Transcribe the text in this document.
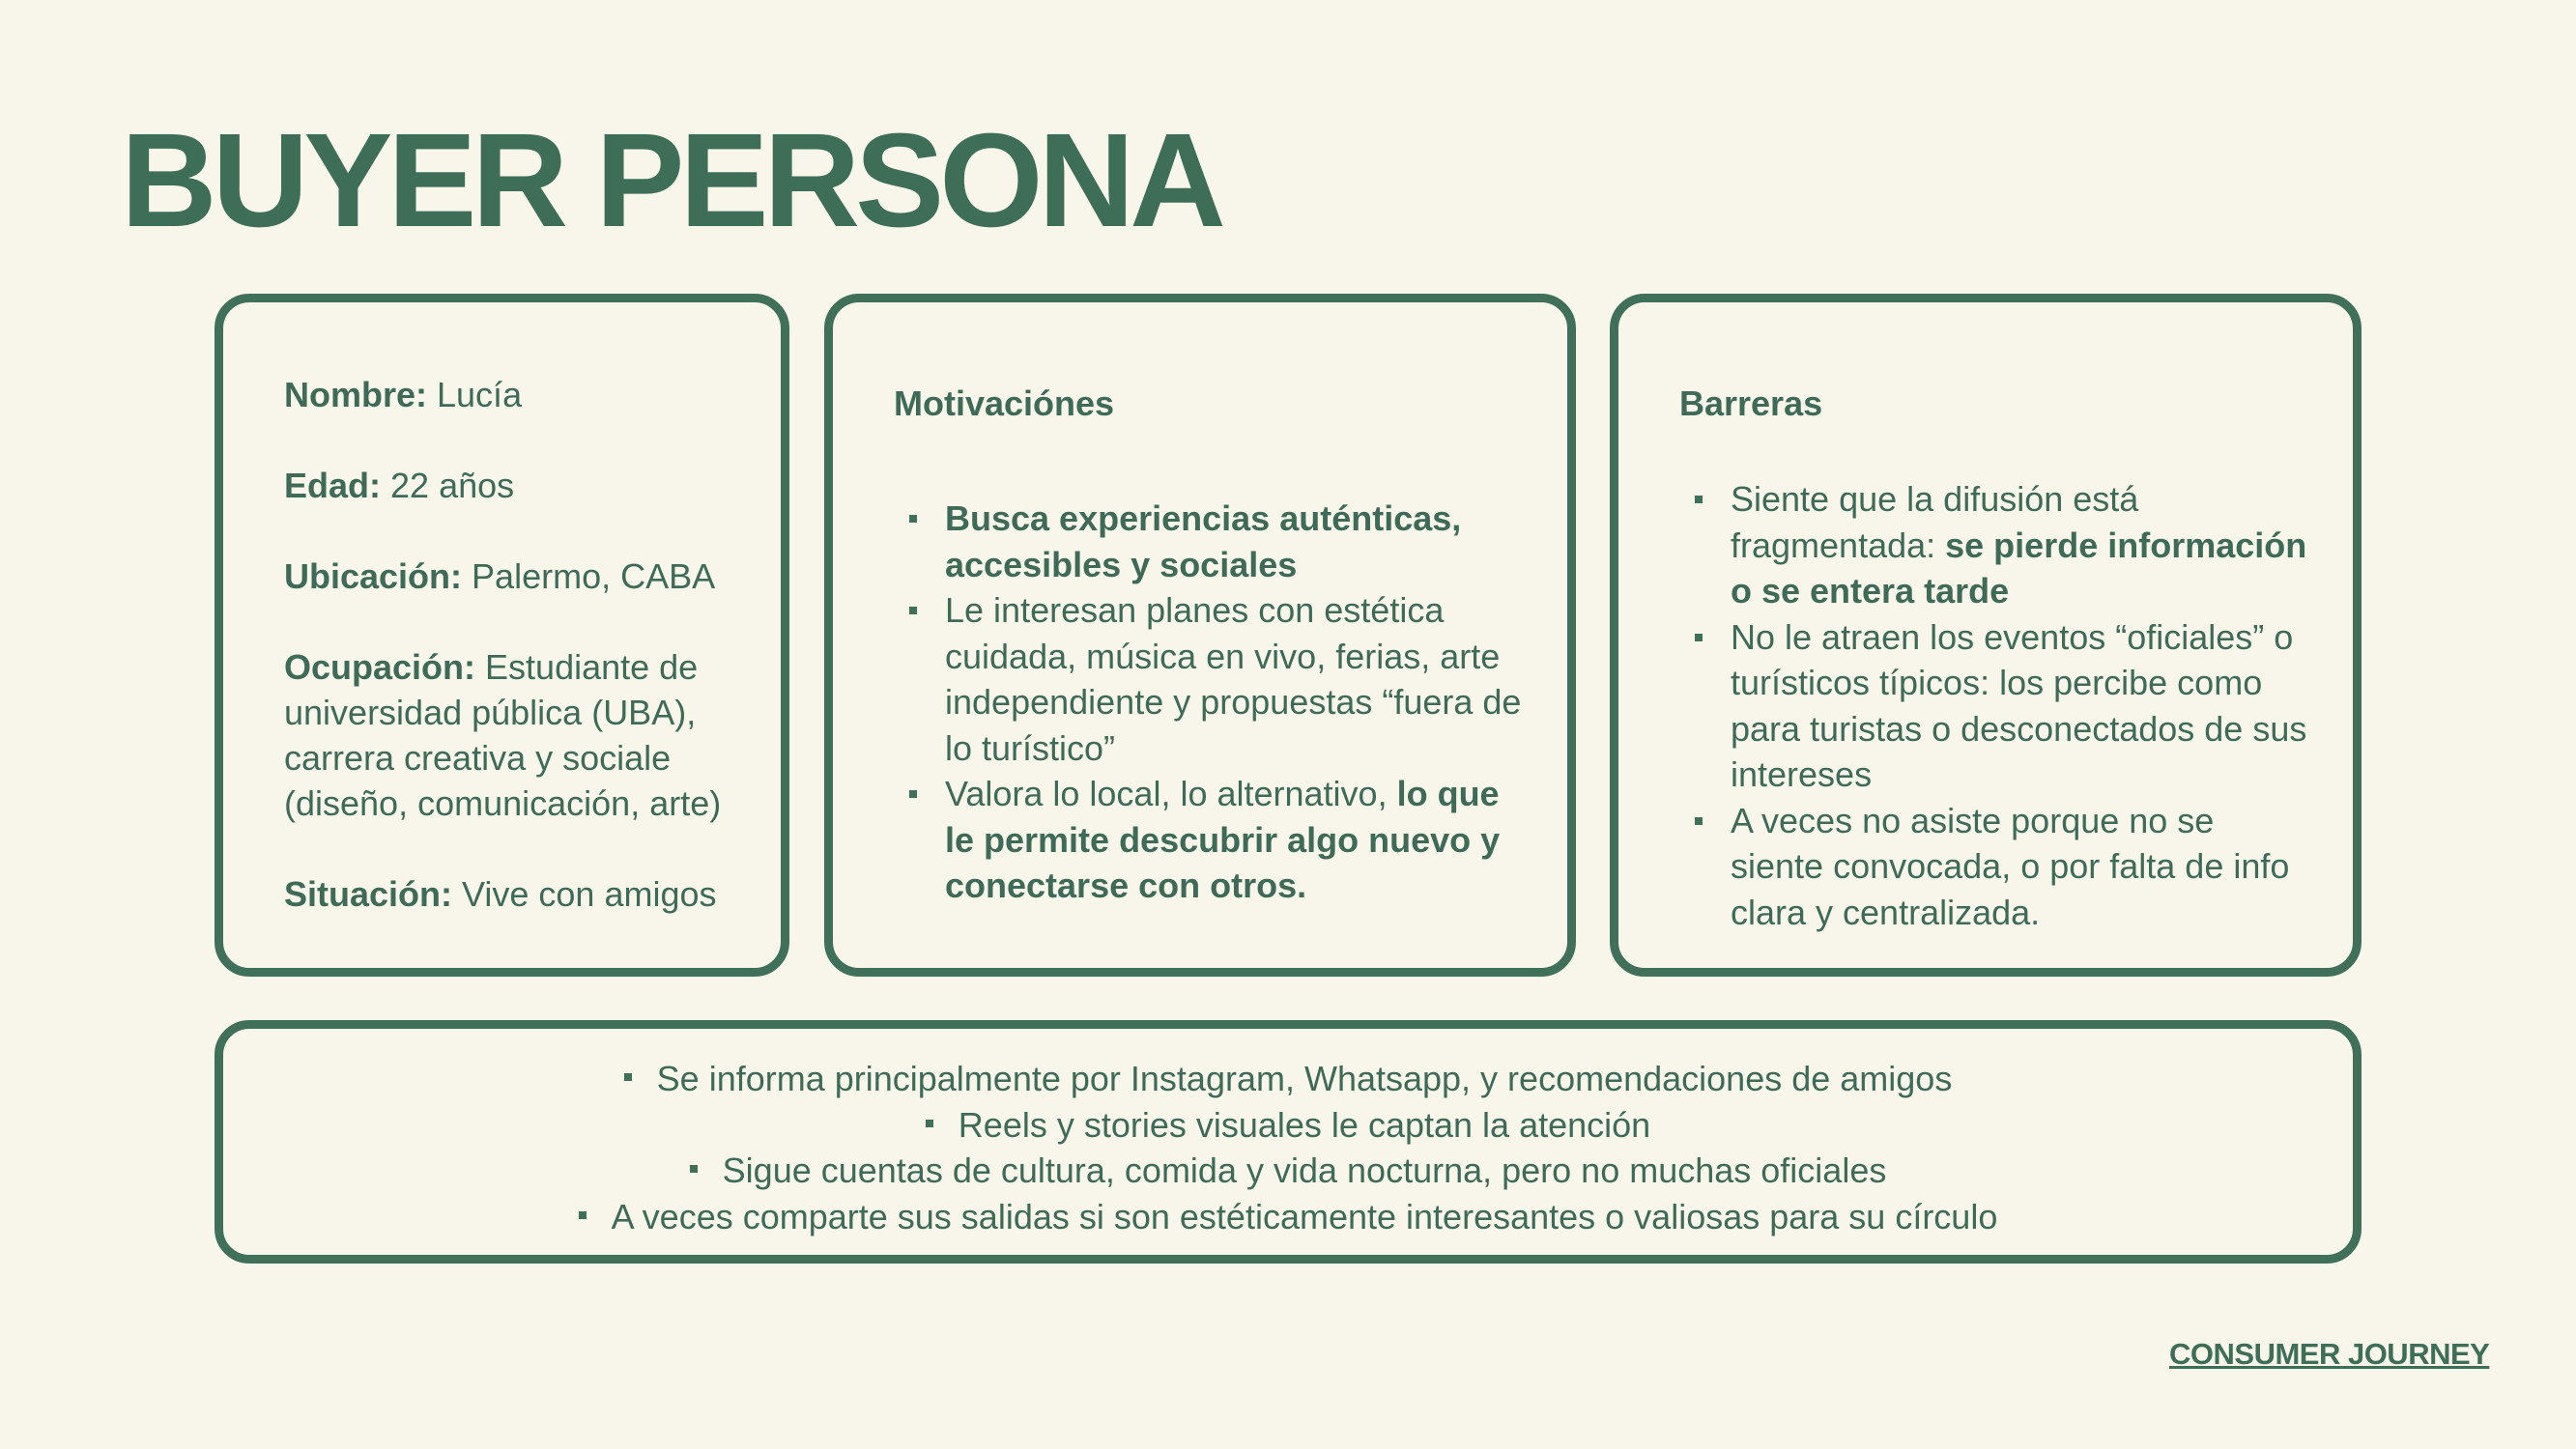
BUYER PERSONA
Nombre: Lucía
Edad: 22 años
Ubicación: Palermo, CABA
Ocupación: Estudiante de universidad pública (UBA), carrera creativa y sociale (diseño, comunicación, arte)
Situación: Vive con amigos
Motivaciónes
Busca experiencias auténticas, accesibles y sociales
Le interesan planes con estética cuidada, música en vivo, ferias, arte independiente y propuestas “fuera de lo turístico”
Valora lo local, lo alternativo, lo que le permite descubrir algo nuevo y conectarse con otros.
Barreras
Siente que la difusión está fragmentada: se pierde información o se entera tarde
No le atraen los eventos “oficiales” o turísticos típicos: los percibe como para turistas o desconectados de sus intereses
A veces no asiste porque no se siente convocada, o por falta de info clara y centralizada.
Se informa principalmente por Instagram, Whatsapp, y recomendaciones de amigos
Reels y stories visuales le captan la atención
Sigue cuentas de cultura, comida y vida nocturna, pero no muchas oficiales
A veces comparte sus salidas si son estéticamente interesantes o valiosas para su círculo
CONSUMER JOURNEY
